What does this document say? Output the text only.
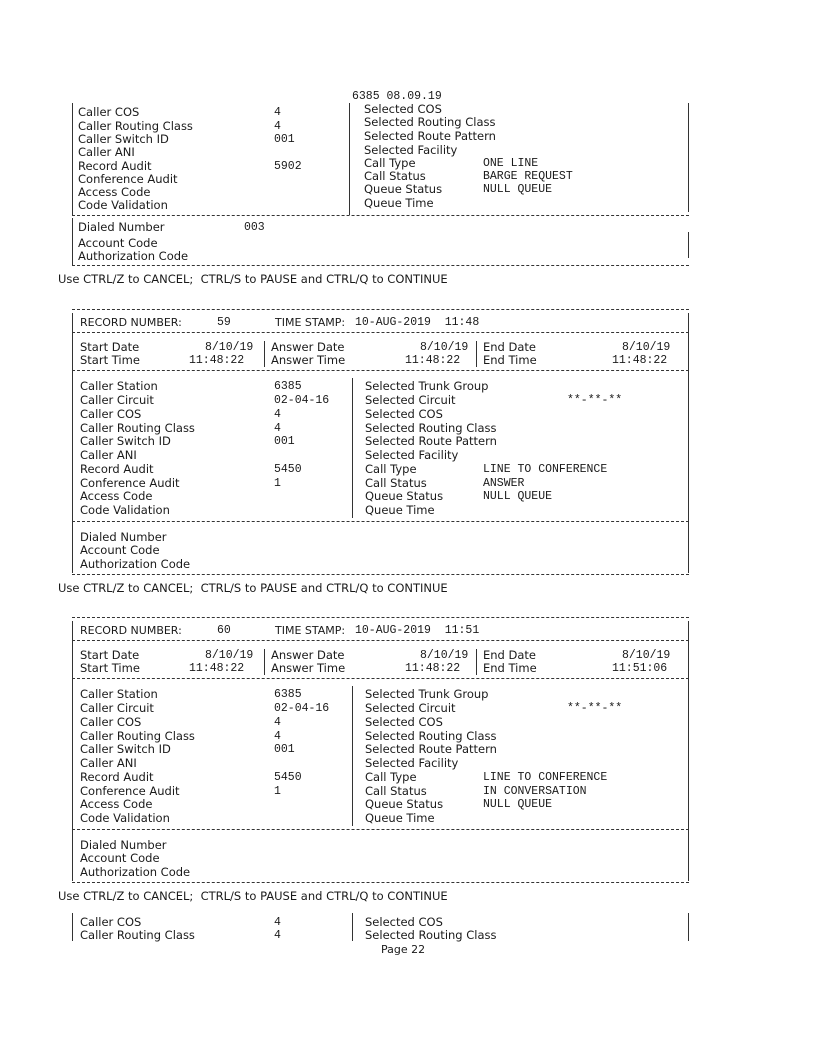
6385 08.09.19
Caller COS	4
Caller Routing Class	4
Caller Switch ID	001
Caller ANI
Record Audit	5902
Conference Audit
Access Code
Code Validation
Selected COS
Selected Routing Class
Selected Route Pattern
Selected Facility
Call Type	ONE LINE
Call Status	BARGE REQUEST
Queue Status	NULL QUEUE
Queue Time
Dialed Number	003
Account Code
Authorization Code
Use CTRL/Z to CANCEL;  CTRL/S to PAUSE and CTRL/Q to CONTINUE
RECORD NUMBER:	59	TIME STAMP: 10-AUG-2019  11:48
Start Date	8/10/19 Answer Date	8/10/19 End Date	8/10/19
Start Time	11:48:22 Answer Time	11:48:22 End Time	11:48:22
Caller Station	6385
Caller Circuit	02-04-16
Caller COS	4
Caller Routing Class	4
Caller Switch ID	001
Caller ANI
Record Audit	5450
Conference Audit	1
Access Code
Code Validation
Selected Trunk Group
Selected Circuit	**-**-**
Selected COS
Selected Routing Class
Selected Route Pattern
Selected Facility
Call Type	LINE TO CONFERENCE
Call Status	ANSWER
Queue Status	NULL QUEUE
Queue Time
Dialed Number
Account Code
Authorization Code
Use CTRL/Z to CANCEL;  CTRL/S to PAUSE and CTRL/Q to CONTINUE
RECORD NUMBER:	60	TIME STAMP: 10-AUG-2019  11:51
Start Date	8/10/19 Answer Date	8/10/19 End Date	8/10/19
Start Time	11:48:22 Answer Time	11:48:22 End Time	11:51:06
Caller Station	6385
Caller Circuit	02-04-16
Caller COS	4
Caller Routing Class	4
Caller Switch ID	001
Caller ANI
Record Audit	5450
Conference Audit	1
Access Code
Code Validation
Selected Trunk Group
Selected Circuit	**-**-**
Selected COS
Selected Routing Class
Selected Route Pattern
Selected Facility
Call Type	LINE TO CONFERENCE
Call Status	IN CONVERSATION
Queue Status	NULL QUEUE
Queue Time
Dialed Number
Account Code
Authorization Code
Use CTRL/Z to CANCEL;  CTRL/S to PAUSE and CTRL/Q to CONTINUE
Caller COS	4
Caller Routing Class	4
Selected COS
Selected Routing Class
Page 22
